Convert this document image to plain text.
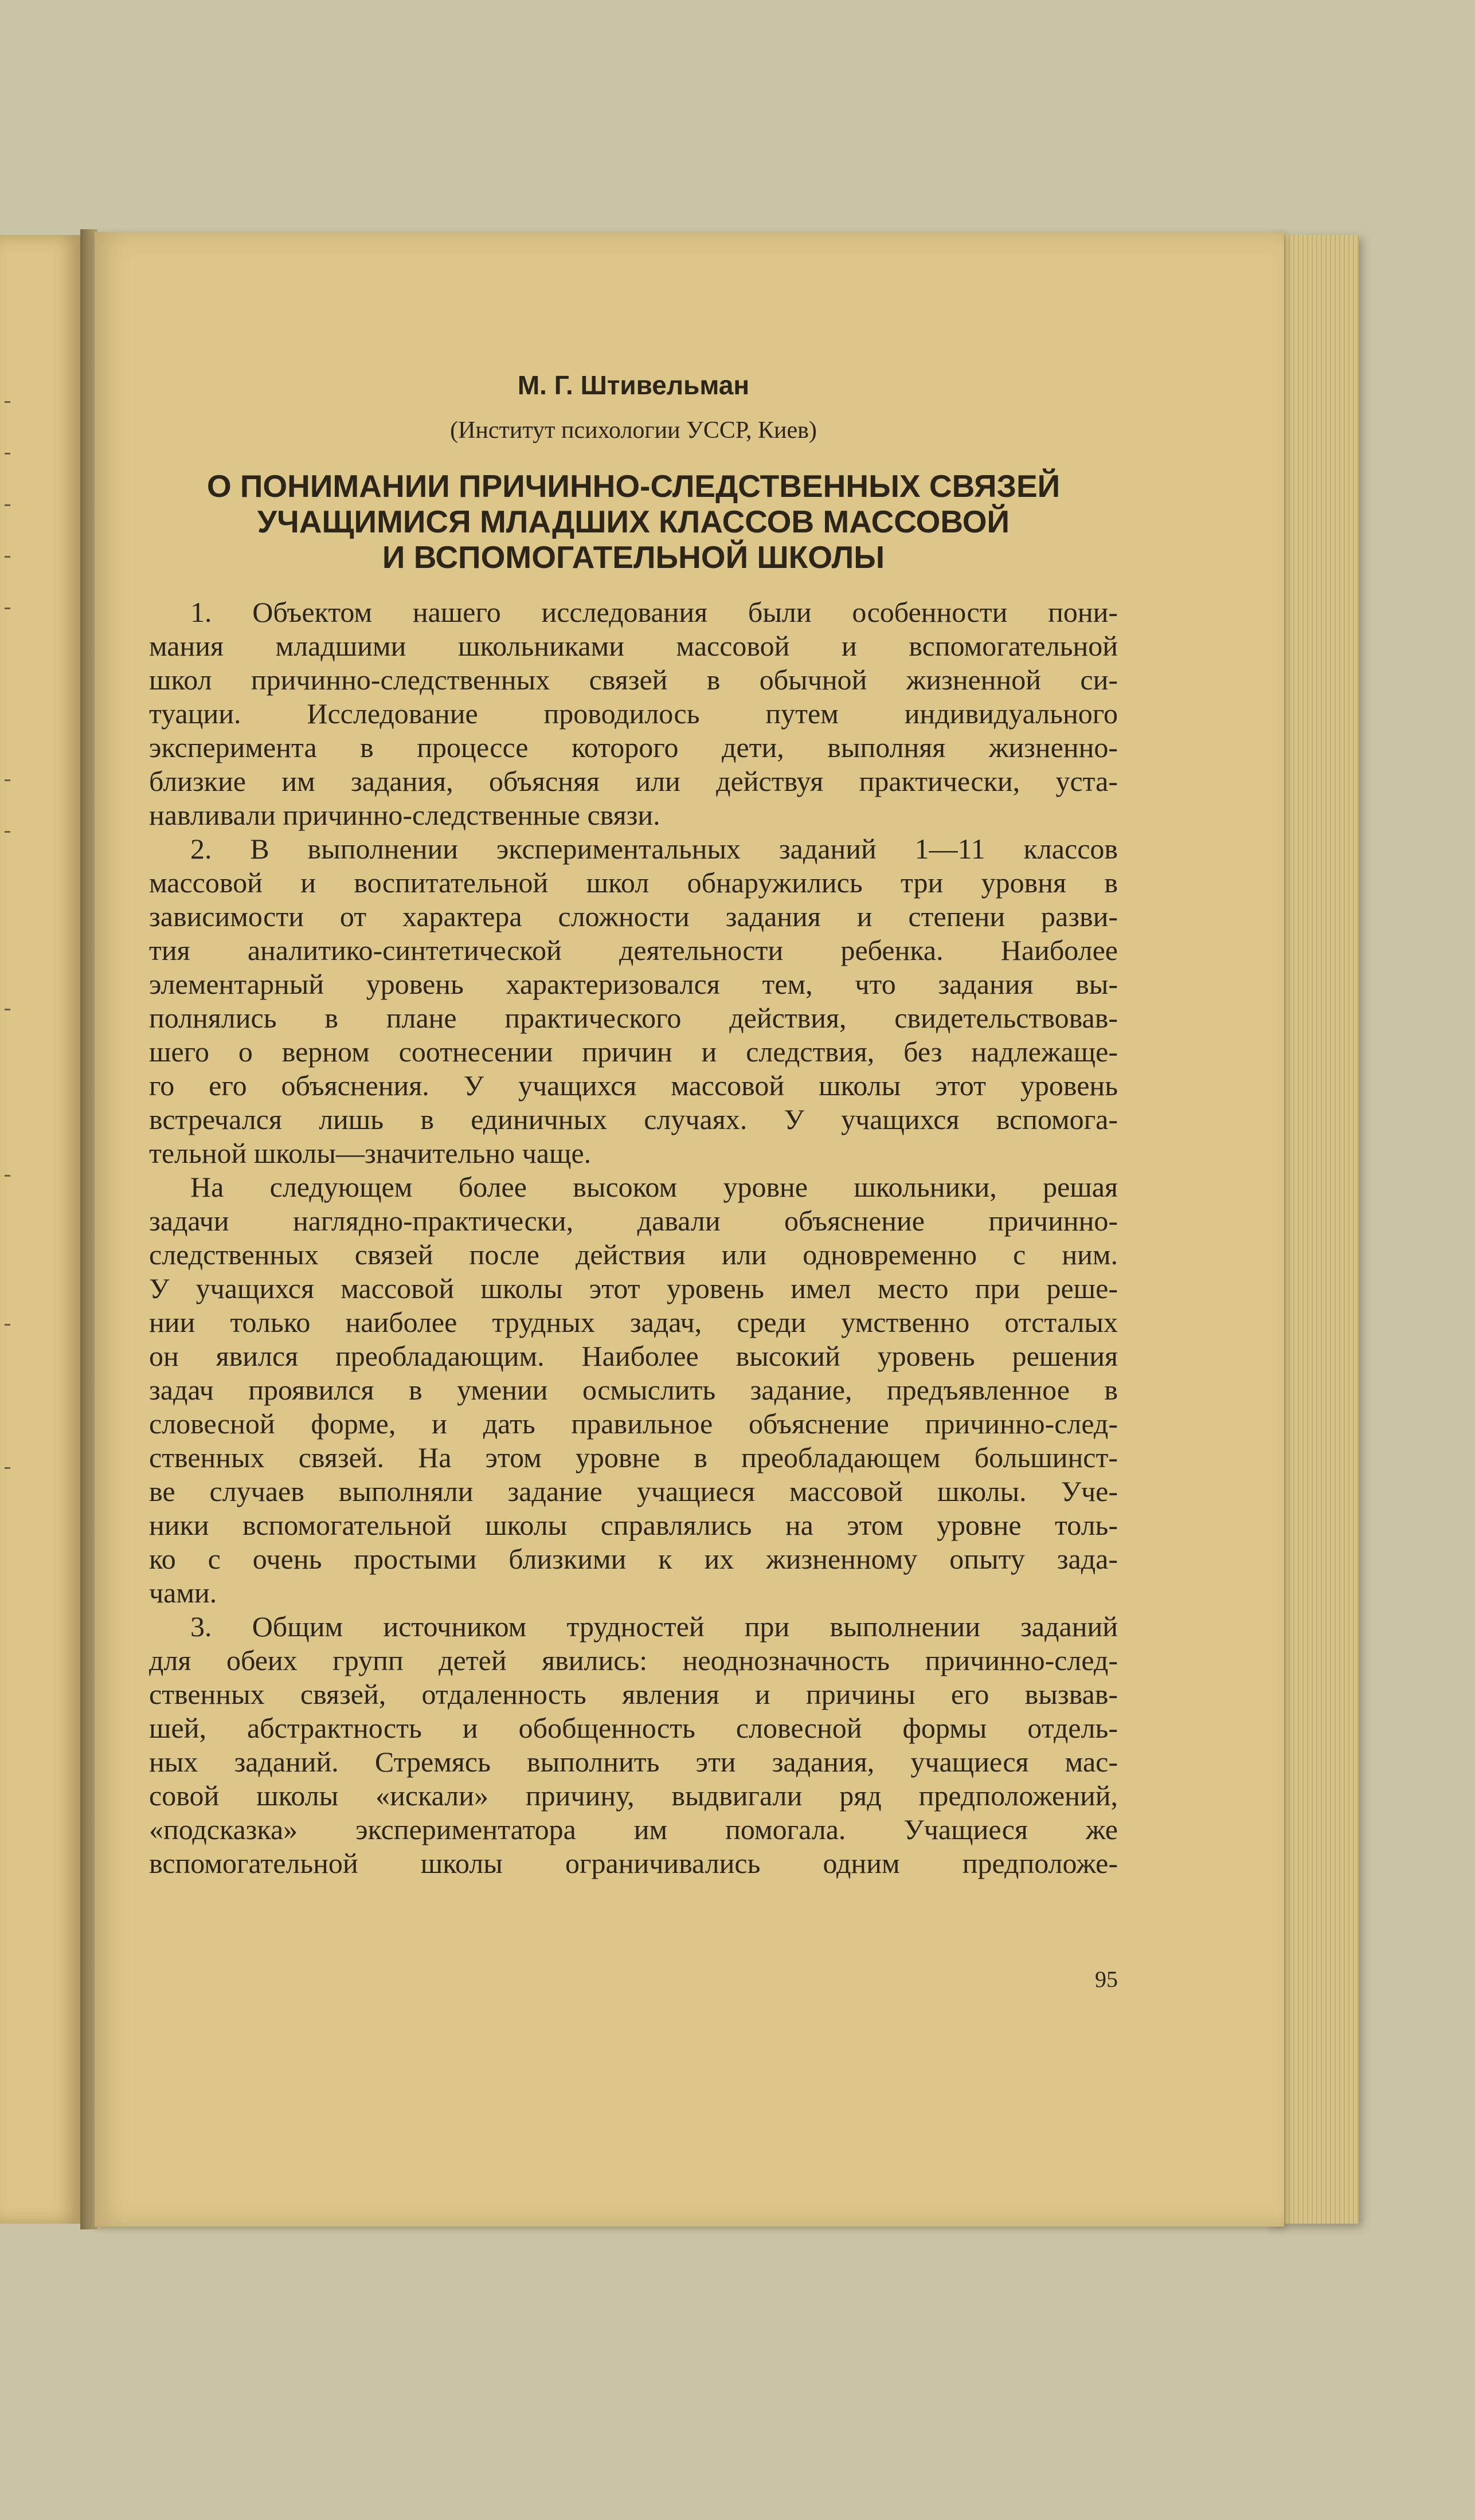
М. Г. Штивельман
(Институт психологии УССР, Киев)
О ПОНИМАНИИ ПРИЧИННО-СЛЕДСТВЕННЫХ СВЯЗЕЙ
УЧАЩИМИСЯ МЛАДШИХ КЛАССОВ МАССОВОЙ
И ВСПОМОГАТЕЛЬНОЙ ШКОЛЫ
1. Объектом нашего исследования были особенности пони-
мания младшими школьниками массовой и вспомогательной
школ причинно-следственных связей в обычной жизненной си-
туации. Исследование проводилось путем индивидуального
эксперимента в процессе которого дети, выполняя жизненно-
близкие им задания, объясняя или действуя практически, уста-
навливали причинно-следственные связи.
2. В выполнении экспериментальных заданий 1—11 классов
массовой и воспитательной школ обнаружились три уровня в
зависимости от характера сложности задания и степени разви-
тия аналитико-синтетической деятельности ребенка. Наиболее
элементарный уровень характеризовался тем, что задания вы-
полнялись в плане практического действия, свидетельствовав-
шего о верном соотнесении причин и следствия, без надлежаще-
го его объяснения. У учащихся массовой школы этот уровень
встречался лишь в единичных случаях. У учащихся вспомога-
тельной школы—значительно чаще.
На следующем более высоком уровне школьники, решая
задачи наглядно-практически, давали объяснение причинно-
следственных связей после действия или одновременно с ним.
У учащихся массовой школы этот уровень имел место при реше-
нии только наиболее трудных задач, среди умственно отсталых
он явился преобладающим. Наиболее высокий уровень решения
задач проявился в умении осмыслить задание, предъявленное в
словесной форме, и дать правильное объяснение причинно-след-
ственных связей. На этом уровне в преобладающем большинст-
ве случаев выполняли задание учащиеся массовой школы. Уче-
ники вспомогательной школы справлялись на этом уровне толь-
ко с очень простыми близкими к их жизненному опыту зада-
чами.
3. Общим источником трудностей при выполнении заданий
для обеих групп детей явились: неоднозначность причинно-след-
ственных связей, отдаленность явления и причины его вызвав-
шей, абстрактность и обобщенность словесной формы отдель-
ных заданий. Стремясь выполнить эти задания, учащиеся мас-
совой школы «искали» причину, выдвигали ряд предположений,
«подсказка» экспериментатора им помогала. Учащиеся же
вспомогательной школы ограничивались одним предположе-
95
